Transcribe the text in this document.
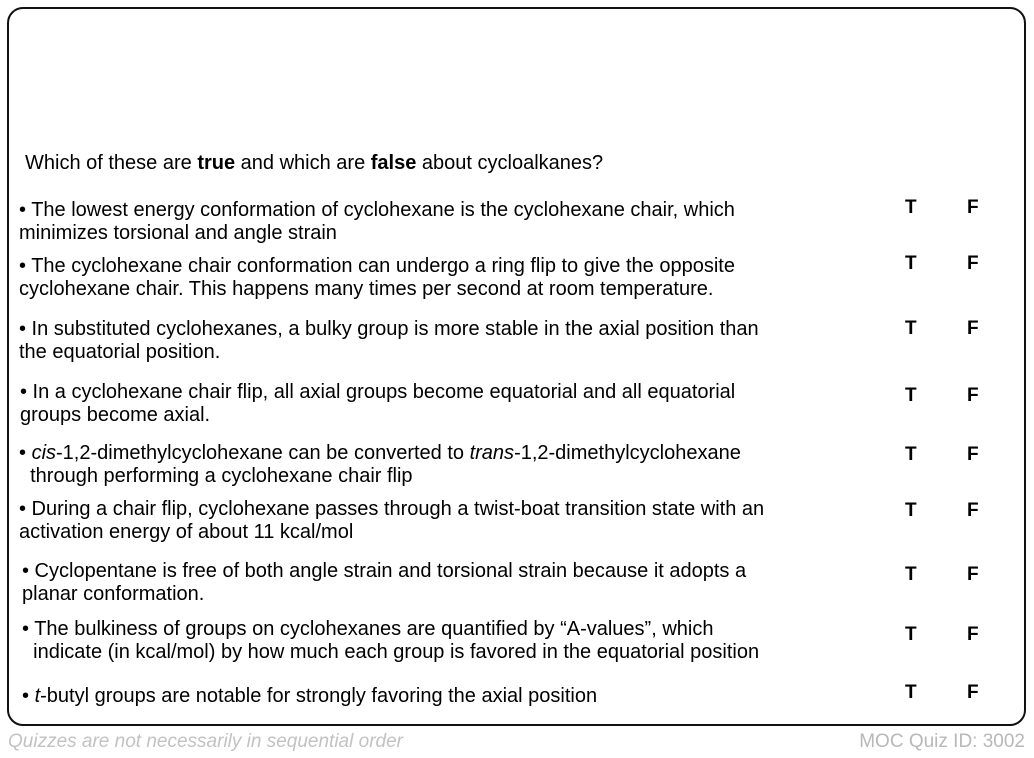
Which of these are true and which are false about cycloalkanes?
• The lowest energy conformation of cyclohexane is the cyclohexane chair, which
minimizes torsional and angle strain
T	F
• The cyclohexane chair conformation can undergo a ring flip to give the opposite
cyclohexane chair. This happens many times per second at room temperature.
T	F
• In substituted cyclohexanes, a bulky group is more stable in the axial position than
the equatorial position.
T	F
• In a cyclohexane chair flip, all axial groups become equatorial and all equatorial
groups become axial.
T	F
• cis-1,2-dimethylcyclohexane can be converted to trans-1,2-dimethylcyclohexane
through performing a cyclohexane chair flip
T	F
• During a chair flip, cyclohexane passes through a twist-boat transition state with an
activation energy of about 11 kcal/mol
T	F
• Cyclopentane is free of both angle strain and torsional strain because it adopts a
planar conformation.
T	F
• The bulkiness of groups on cyclohexanes are quantified by “A-values”, which
indicate (in kcal/mol) by how much each group is favored in the equatorial position
T	F
• t-butyl groups are notable for strongly favoring the axial position	T	F
Quizzes are not necessarily in sequential order	MOC Quiz ID: 3002
